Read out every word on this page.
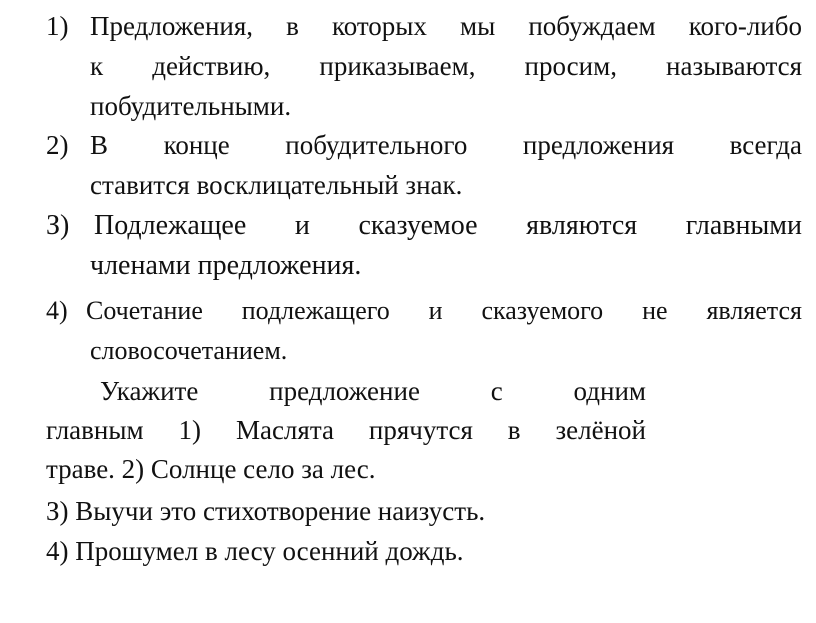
1) Предложения, в которых мы побуждаем кого-либо
к действию, приказываем, просим, называются
побудительными.
2) В конце побудительного предложения всегда
ставится восклицательный знак.
З) Подлежащее и сказуемое являются главными
членами предложения.
4) Сочетание подлежащего и сказуемого не является
словосочетанием.
Укажите предложение с одним
главным 1) Маслята прячутся в зелёной
траве. 2) Солнце село за лес.
З) Выучи это стихотворение наизусть.
4) Прошумел в лесу осенний дождь.
